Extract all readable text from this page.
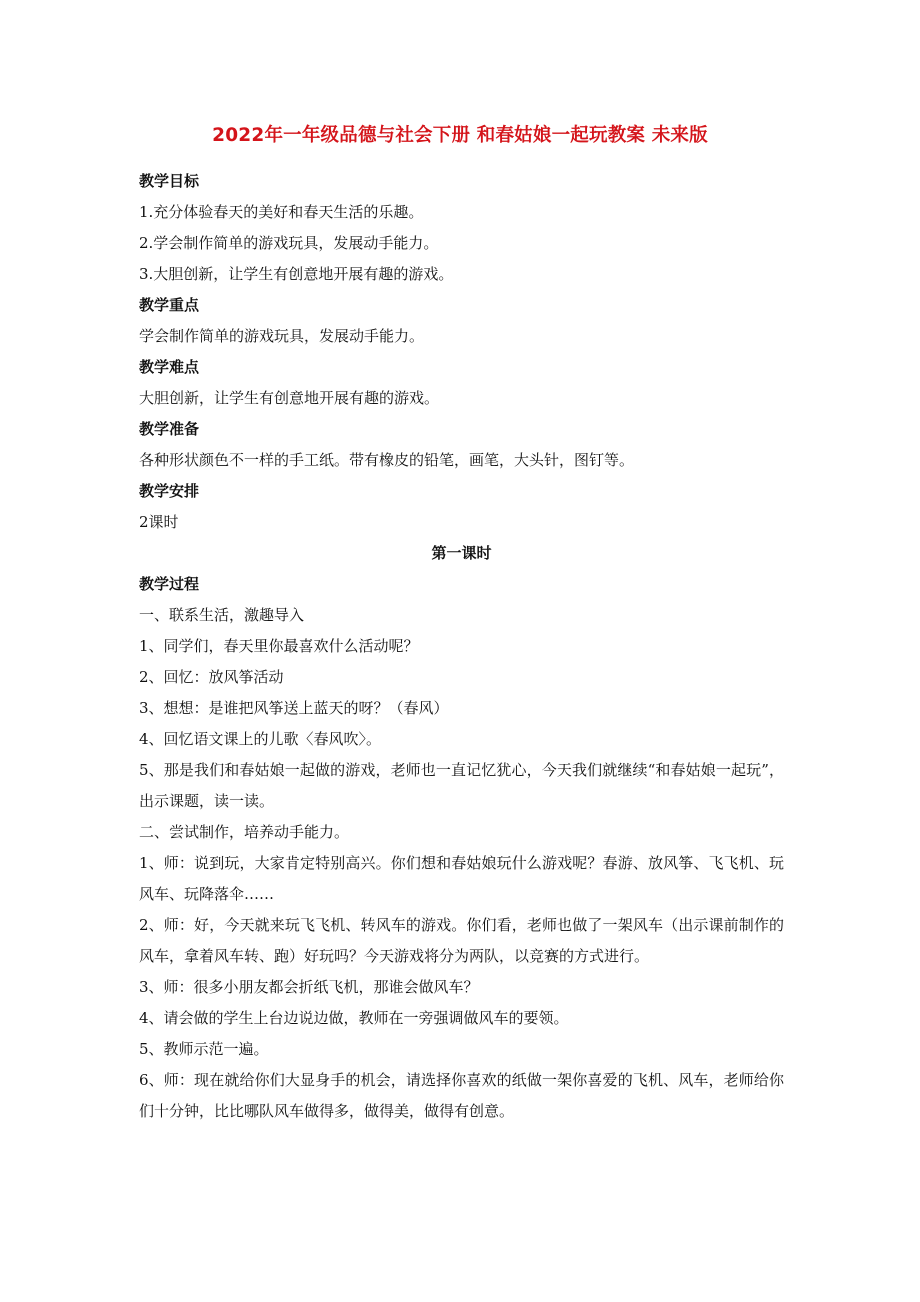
2022年一年级品德与社会下册 和春姑娘一起玩教案 未来版
教学目标
1.充分体验春天的美好和春天生活的乐趣。
2.学会制作简单的游戏玩具，发展动手能力。
3.大胆创新，让学生有创意地开展有趣的游戏。
教学重点
学会制作简单的游戏玩具，发展动手能力。
教学难点
大胆创新，让学生有创意地开展有趣的游戏。
教学准备
各种形状颜色不一样的手工纸。带有橡皮的铅笔，画笔，大头针，图钉等。
教学安排
2课时
第一课时
教学过程
一、联系生活，激趣导入
1、同学们，春天里你最喜欢什么活动呢？
2、回忆：放风筝活动
3、想想：是谁把风筝送上蓝天的呀？（春风）
4、回忆语文课上的儿歌〈春风吹〉。
5、那是我们和春姑娘一起做的游戏，老师也一直记忆犹心，今天我们就继续“和春姑娘一起玩”，出示课题，读一读。
二、尝试制作，培养动手能力。
1、师：说到玩，大家肯定特别高兴。你们想和春姑娘玩什么游戏呢？春游、放风筝、飞飞机、玩风车、玩降落伞……
2、师：好，今天就来玩飞飞机、转风车的游戏。你们看，老师也做了一架风车（出示课前制作的风车，拿着风车转、跑）好玩吗？今天游戏将分为两队，以竞赛的方式进行。
3、师：很多小朋友都会折纸飞机，那谁会做风车？
4、请会做的学生上台边说边做，教师在一旁强调做风车的要领。
5、教师示范一遍。
6、师：现在就给你们大显身手的机会，请选择你喜欢的纸做一架你喜爱的飞机、风车，老师给你们十分钟，比比哪队风车做得多，做得美，做得有创意。
